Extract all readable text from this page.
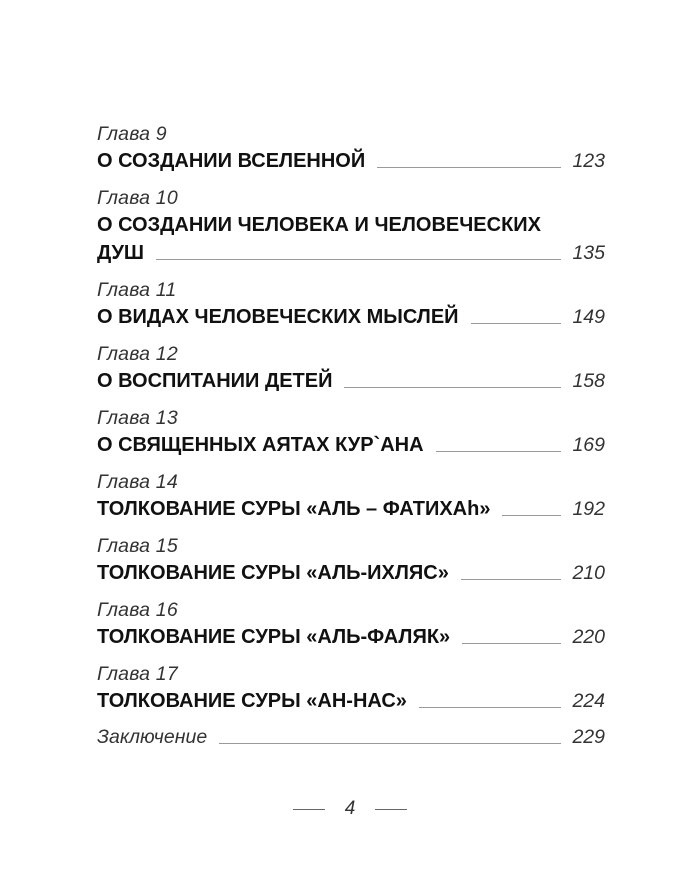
Глава 9
О СОЗДАНИИ ВСЕЛЕННОЙ	123
Глава 10
О СОЗДАНИИ ЧЕЛОВЕКА И ЧЕЛОВЕЧЕСКИХ
ДУШ	135
Глава 11
О ВИДАХ ЧЕЛОВЕЧЕСКИХ МЫСЛЕЙ	149
Глава 12
О ВОСПИТАНИИ ДЕТЕЙ	158
Глава 13
О СВЯЩЕННЫХ АЯТАХ КУР`АНА	169
Глава 14
ТОЛКОВАНИЕ СУРЫ «АЛЬ – ФАТИХАh»	192
Глава 15
ТОЛКОВАНИЕ СУРЫ «АЛЬ-ИХЛЯС»	210
Глава 16
ТОЛКОВАНИЕ СУРЫ «АЛЬ-ФАЛЯК»	220
Глава 17
ТОЛКОВАНИЕ СУРЫ «АН-НАС»	224
Заключение	229
4
